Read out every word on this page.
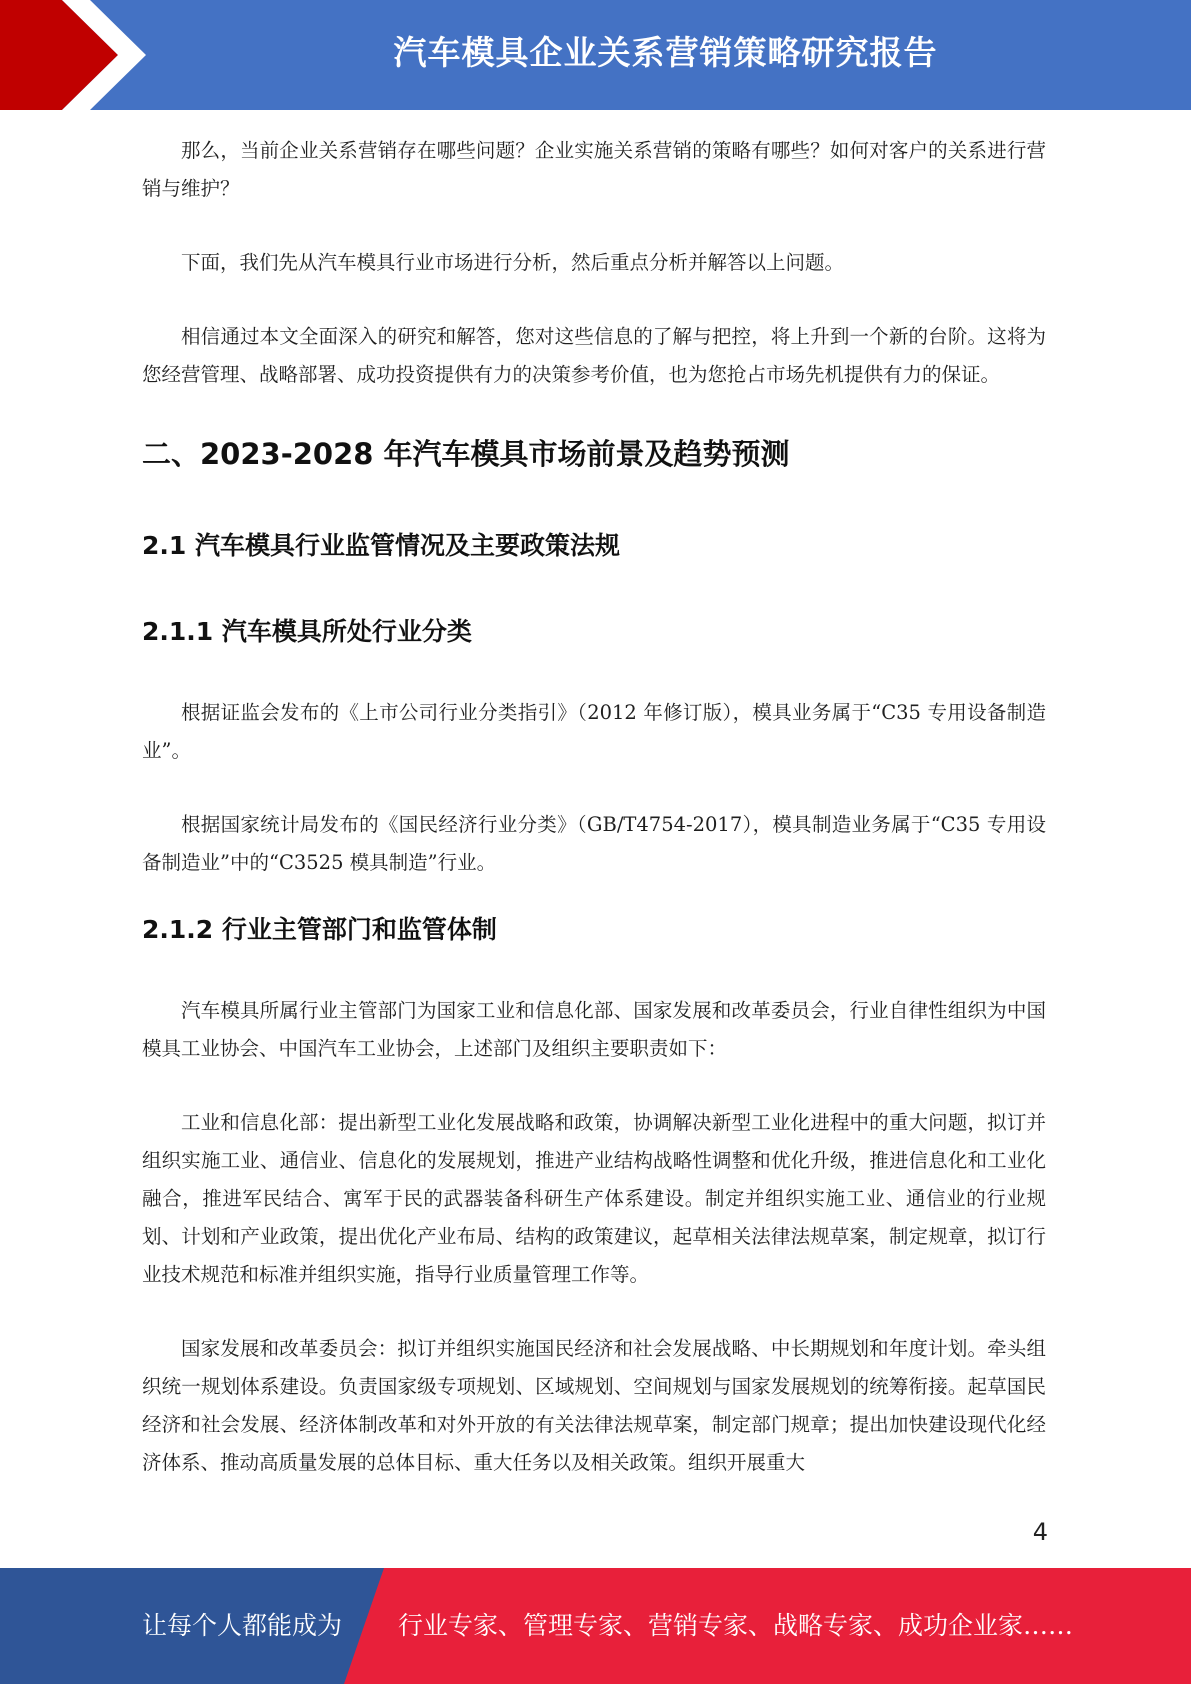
汽车模具企业关系营销策略研究报告

那么，当前企业关系营销存在哪些问题？企业实施关系营销的策略有哪些？如何对客户的关系进行营销与维护？

下面，我们先从汽车模具行业市场进行分析，然后重点分析并解答以上问题。

相信通过本文全面深入的研究和解答，您对这些信息的了解与把控，将上升到一个新的台阶。这将为您经营管理、战略部署、成功投资提供有力的决策参考价值，也为您抢占市场先机提供有力的保证。

二、2023-2028 年汽车模具市场前景及趋势预测
2.1 汽车模具行业监管情况及主要政策法规
2.1.1 汽车模具所处行业分类

根据证监会发布的《上市公司行业分类指引》（2012 年修订版），模具业务属于“C35 专用设备制造业”。

根据国家统计局发布的《国民经济行业分类》（GB/T4754-2017），模具制造业务属于“C35 专用设备制造业”中的“C3525 模具制造”行业。

2.1.2 行业主管部门和监管体制

汽车模具所属行业主管部门为国家工业和信息化部、国家发展和改革委员会，行业自律性组织为中国模具工业协会、中国汽车工业协会，上述部门及组织主要职责如下：

工业和信息化部：提出新型工业化发展战略和政策，协调解决新型工业化进程中的重大问题，拟订并组织实施工业、通信业、信息化的发展规划，推进产业结构战略性调整和优化升级，推进信息化和工业化融合，推进军民结合、寓军于民的武器装备科研生产体系建设。制定并组织实施工业、通信业的行业规划、计划和产业政策，提出优化产业布局、结构的政策建议，起草相关法律法规草案，制定规章，拟订行业技术规范和标准并组织实施，指导行业质量管理工作等。

国家发展和改革委员会：拟订并组织实施国民经济和社会发展战略、中长期规划和年度计划。牵头组织统一规划体系建设。负责国家级专项规划、区域规划、空间规划与国家发展规划的统筹衔接。起草国民经济和社会发展、经济体制改革和对外开放的有关法律法规草案，制定部门规章；提出加快建设现代化经济体系、推动高质量发展的总体目标、重大任务以及相关政策。组织开展重大

4
让每个人都能成为 行业专家、管理专家、营销专家、战略专家、成功企业家……
